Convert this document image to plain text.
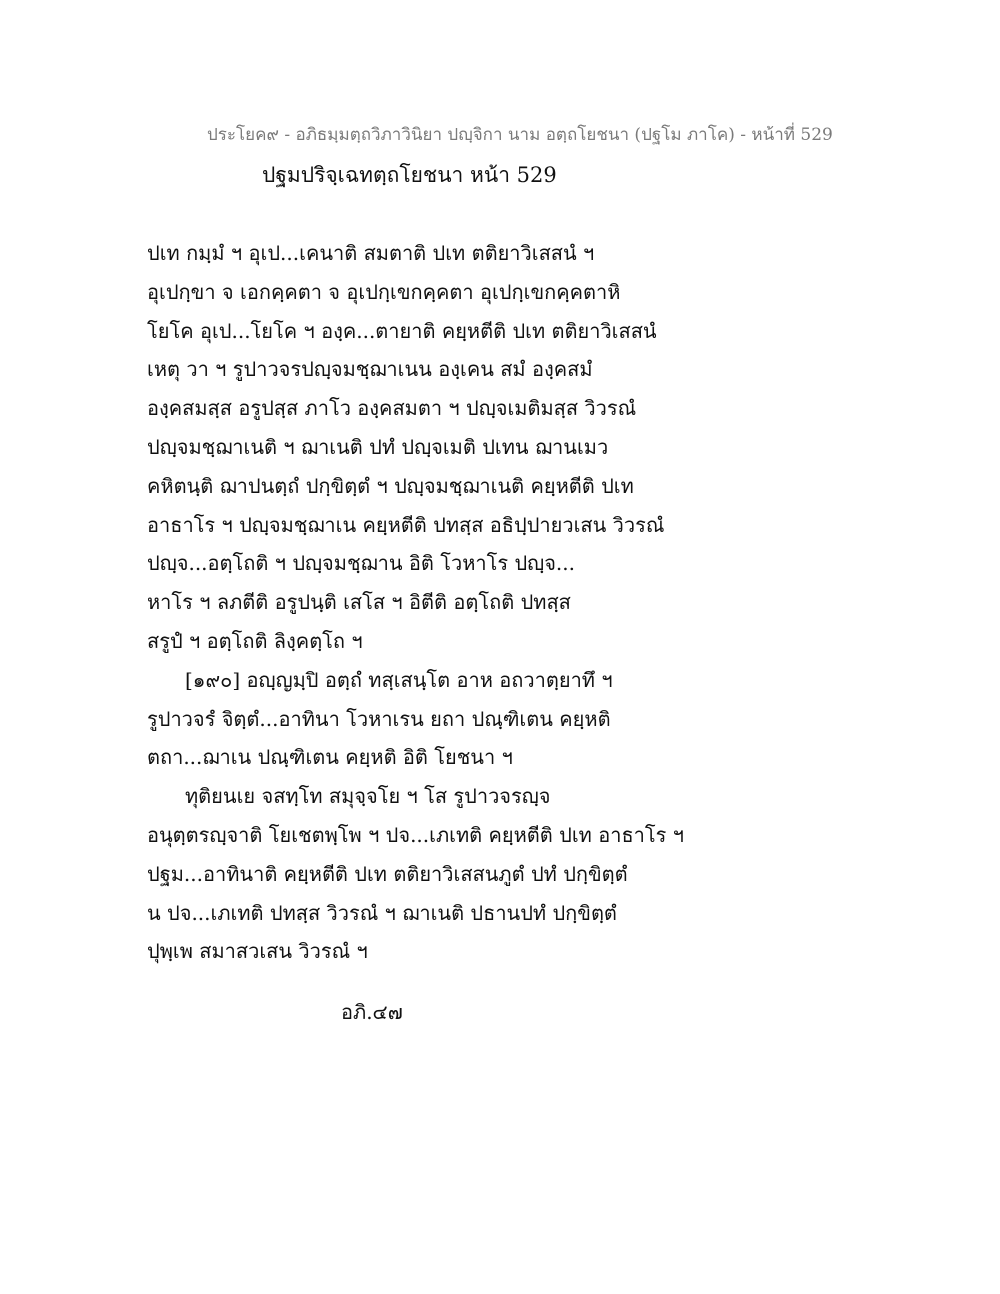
ประโยค๙ - อภิธมฺมตฺถวิภาวินิยา ปญฺจิกา นาม อตฺถโยชนา (ปฐโม ภาโค) - หน้าที่ 529
ปฐมปริจฺเฉทตฺถโยชนา หน้า 529
ปเท กมฺมํ ฯ อุเป...เคนาติ สมตาติ ปเท ตติยาวิเสสนํ ฯ
อุเปกฺขา จ เอกคฺคตา จ อุเปกฺเขกคฺคตา อุเปกฺเขกคฺคตาหิ
โยโค อุเป...โยโค ฯ องฺค...ตายาติ คยฺหตีติ ปเท ตติยาวิเสสนํ
เหตุ วา ฯ รูปาวจรปญฺจมชฺฌาเนน องฺเคน สมํ องฺคสมํ
องฺคสมสฺส อรูปสฺส ภาโว องฺคสมตา ฯ ปญฺจเมติมสฺส วิวรณํ
ปญฺจมชฺฌาเนติ ฯ ฌาเนติ ปทํ ปญฺจเมติ ปเทน ฌานเมว
คหิตนฺติ ฌาปนตฺถํ ปกฺขิตฺตํ ฯ ปญฺจมชฺฌาเนติ คยฺหตีติ ปเท
อาธาโร ฯ ปญฺจมชฺฌาเน คยฺหตีติ ปทสฺส อธิปฺปายวเสน วิวรณํ
ปญฺจ...อตฺโถติ ฯ ปญฺจมชฺฌาน อิติ โวหาโร ปญฺจ...
หาโร ฯ ลภตีติ อรูปนฺติ เสโส ฯ อิตีติ อตฺโถติ ปทสฺส
สรูปํ ฯ อตฺโถติ ลิงฺคตฺโถ ฯ
[๑๙๐] อญฺญมฺปิ อตฺถํ ทสฺเสนฺโต อาห อถวาตฺยาทึ ฯ
รูปาวจรํ จิตฺตํ...อาทินา โวหาเรน ยถา ปณฺฑิเตน คยฺหติ
ตถา...ฌาเน ปณฺฑิเตน คยฺหติ อิติ โยชนา ฯ
ทุติยนเย จสทฺโท สมุจฺจโย ฯ โส รูปาวจรญฺจ
อนุตฺตรญฺจาติ โยเชตพฺโพ ฯ ปจ...เภเทติ คยฺหตีติ ปเท อาธาโร ฯ
ปฐม...อาทินาติ คยฺหตีติ ปเท ตติยาวิเสสนภูตํ ปทํ ปกฺขิตฺตํ
น ปจ...เภเทติ ปทสฺส วิวรณํ ฯ ฌาเนติ ปธานปทํ ปกฺขิตฺตํ
ปุพฺเพ สมาสวเสน วิวรณํ ฯ
อภิ.๔๗
